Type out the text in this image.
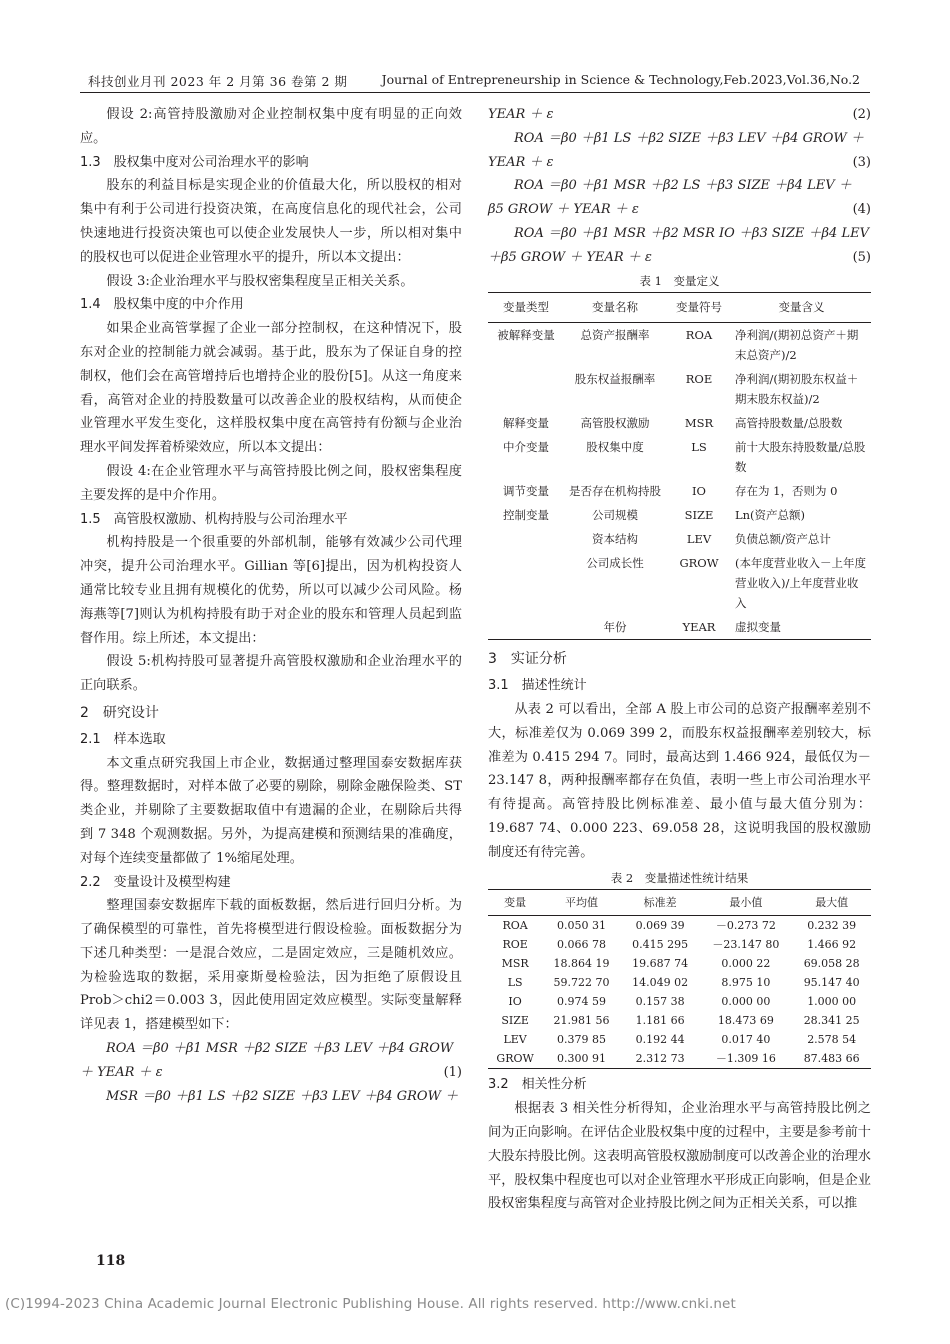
科技创业月刊 2023 年 2 月第 36 卷第 2 期	Journal of Entrepreneurship in Science & Technology,Feb.2023,Vol.36,No.2

假设 2:高管持股激励对企业控制权集中度有明显的正向效应。

1.3　股权集中度对公司治理水平的影响

股东的利益目标是实现企业的价值最大化，所以股权的相对集中有利于公司进行投资决策，在高度信息化的现代社会，公司快速地进行投资决策也可以使企业发展快人一步，所以相对集中的股权也可以促进企业管理水平的提升，所以本文提出：

假设 3:企业治理水平与股权密集程度呈正相关关系。

1.4　股权集中度的中介作用

如果企业高管掌握了企业一部分控制权，在这种情况下，股东对企业的控制能力就会减弱。基于此，股东为了保证自身的控制权，他们会在高管增持后也增持企业的股份[5]。从这一角度来看，高管对企业的持股数量可以改善企业的股权结构，从而使企业管理水平发生变化，这样股权集中度在高管持有份额与企业治理水平间发挥着桥梁效应，所以本文提出：

假设 4:在企业管理水平与高管持股比例之间，股权密集程度主要发挥的是中介作用。

1.5　高管股权激励、机构持股与公司治理水平

机构持股是一个很重要的外部机制，能够有效减少公司代理冲突，提升公司治理水平。Gillian 等[6]提出，因为机构投资人通常比较专业且拥有规模化的优势，所以可以减少公司风险。杨海燕等[7]则认为机构持股有助于对企业的股东和管理人员起到监督作用。综上所述，本文提出：

假设 5:机构持股可显著提升高管股权激励和企业治理水平的正向联系。

2　研究设计

2.1　样本选取

本文重点研究我国上市企业，数据通过整理国泰安数据库获得。整理数据时，对样本做了必要的剔除，剔除金融保险类、ST 类企业，并剔除了主要数据取值中有遗漏的企业，在剔除后共得到 7 348 个观测数据。另外，为提高建模和预测结果的准确度，对每个连续变量都做了 1%缩尾处理。

2.2　变量设计及模型构建

整理国泰安数据库下载的面板数据，然后进行回归分析。为了确保模型的可靠性，首先将模型进行假设检验。面板数据分为下述几种类型：一是混合效应，二是固定效应，三是随机效应。为检验选取的数据，采用豪斯曼检验法，因为拒绝了原假设且 Prob＞chi2＝0.003 3，因此使用固定效应模型。实际变量解释详见表 1，搭建模型如下：

ROA ＝β0 ＋β1 MSR ＋β2 SIZE ＋β3 LEV ＋β4 GROW

＋ YEAR ＋ ε	(1)

MSR ＝β0 ＋β1 LS ＋β2 SIZE ＋β3 LEV ＋β4 GROW ＋

YEAR ＋ ε	(2)

ROA ＝β0 ＋β1 LS ＋β2 SIZE ＋β3 LEV ＋β4 GROW ＋

YEAR ＋ ε	(3)

ROA ＝β0 ＋β1 MSR ＋β2 LS ＋β3 SIZE ＋β4 LEV ＋

β5 GROW ＋ YEAR ＋ ε	(4)

ROA ＝β0 ＋β1 MSR ＋β2 MSR IO ＋β3 SIZE ＋β4 LEV

＋β5 GROW ＋ YEAR ＋ ε	(5)

表 1　变量定义

变量类型	变量名称	变量符号	变量含义
被解释变量	总资产报酬率	ROA	净利润/(期初总资产＋期末总资产)/2
	股东权益报酬率	ROE	净利润/(期初股东权益＋期末股东权益)/2
解释变量	高管股权激励	MSR	高管持股数量/总股数
中介变量	股权集中度	LS	前十大股东持股数量/总股数
调节变量	是否存在机构持股	IO	存在为 1，否则为 0
控制变量	公司规模	SIZE	Ln(资产总额)
	资本结构	LEV	负债总额/资产总计
	公司成长性	GROW	(本年度营业收入－上年度营业收入)/上年度营业收入
	年份	YEAR	虚拟变量

3　实证分析

3.1　描述性统计

从表 2 可以看出，全部 A 股上市公司的总资产报酬率差别不大，标准差仅为 0.069 399 2，而股东权益报酬率差别较大，标准差为 0.415 294 7。同时，最高达到 1.466 924，最低仅为－23.147 8，两种报酬率都存在负值，表明一些上市公司治理水平有待提高。高管持股比例标准差、最小值与最大值分别为：19.687 74、0.000 223、69.058 28，这说明我国的股权激励制度还有待完善。

表 2　变量描述性统计结果

变量	平均值	标准差	最小值	最大值
ROA	0.050 31	0.069 39	－0.273 72	0.232 39
ROE	0.066 78	0.415 295	－23.147 80	1.466 92
MSR	18.864 19	19.687 74	0.000 22	69.058 28
LS	59.722 70	14.049 02	8.975 10	95.147 40
IO	0.974 59	0.157 38	0.000 00	1.000 00
SIZE	21.981 56	1.181 66	18.473 69	28.341 25
LEV	0.379 85	0.192 44	0.017 40	2.578 54
GROW	0.300 91	2.312 73	－1.309 16	87.483 66

3.2　相关性分析

根据表 3 相关性分析得知，企业治理水平与高管持股比例之间为正向影响。在评估企业股权集中度的过程中，主要是参考前十大股东持股比例。这表明高管股权激励制度可以改善企业的治理水平，股权集中程度也可以对企业管理水平形成正向影响，但是企业股权密集程度与高管对企业持股比例之间为正相关关系，可以推

118
(C)1994-2023 China Academic Journal Electronic Publishing House. All rights reserved. http://www.cnki.net
